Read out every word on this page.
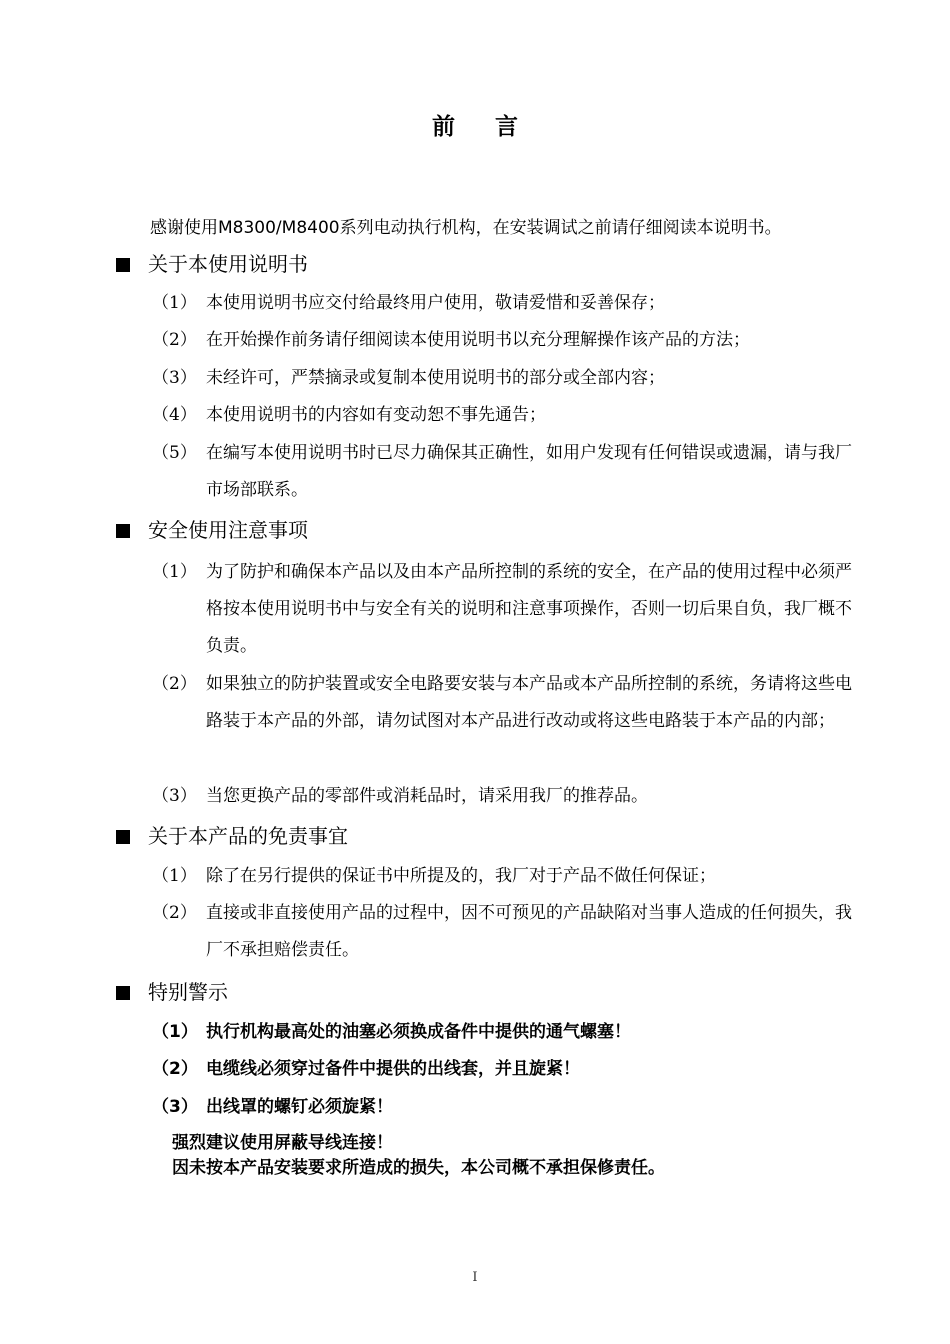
前言
感谢使用M8300/M8400系列电动执行机构，在安装调试之前请仔细阅读本说明书。
关于本使用说明书
（1） 本使用说明书应交付给最终用户使用，敬请爱惜和妥善保存；
（2） 在开始操作前务请仔细阅读本使用说明书以充分理解操作该产品的方法；
（3） 未经许可，严禁摘录或复制本使用说明书的部分或全部内容；
（4） 本使用说明书的内容如有变动恕不事先通告；
（5） 在编写本使用说明书时已尽力确保其正确性，如用户发现有任何错误或遗漏，请与我厂市场部联系。
安全使用注意事项
（1） 为了防护和确保本产品以及由本产品所控制的系统的安全，在产品的使用过程中必须严格按本使用说明书中与安全有关的说明和注意事项操作，否则一切后果自负，我厂概不负责。
（2） 如果独立的防护装置或安全电路要安装与本产品或本产品所控制的系统，务请将这些电路装于本产品的外部，请勿试图对本产品进行改动或将这些电路装于本产品的内部；
（3） 当您更换产品的零部件或消耗品时，请采用我厂的推荐品。
关于本产品的免责事宜
（1） 除了在另行提供的保证书中所提及的，我厂对于产品不做任何保证；
（2） 直接或非直接使用产品的过程中，因不可预见的产品缺陷对当事人造成的任何损失，我厂不承担赔偿责任。
特别警示
（1） 执行机构最高处的油塞必须换成备件中提供的通气螺塞！
（2） 电缆线必须穿过备件中提供的出线套，并且旋紧！
（3） 出线罩的螺钉必须旋紧！
强烈建议使用屏蔽导线连接！
因未按本产品安装要求所造成的损失，本公司概不承担保修责任。
I
